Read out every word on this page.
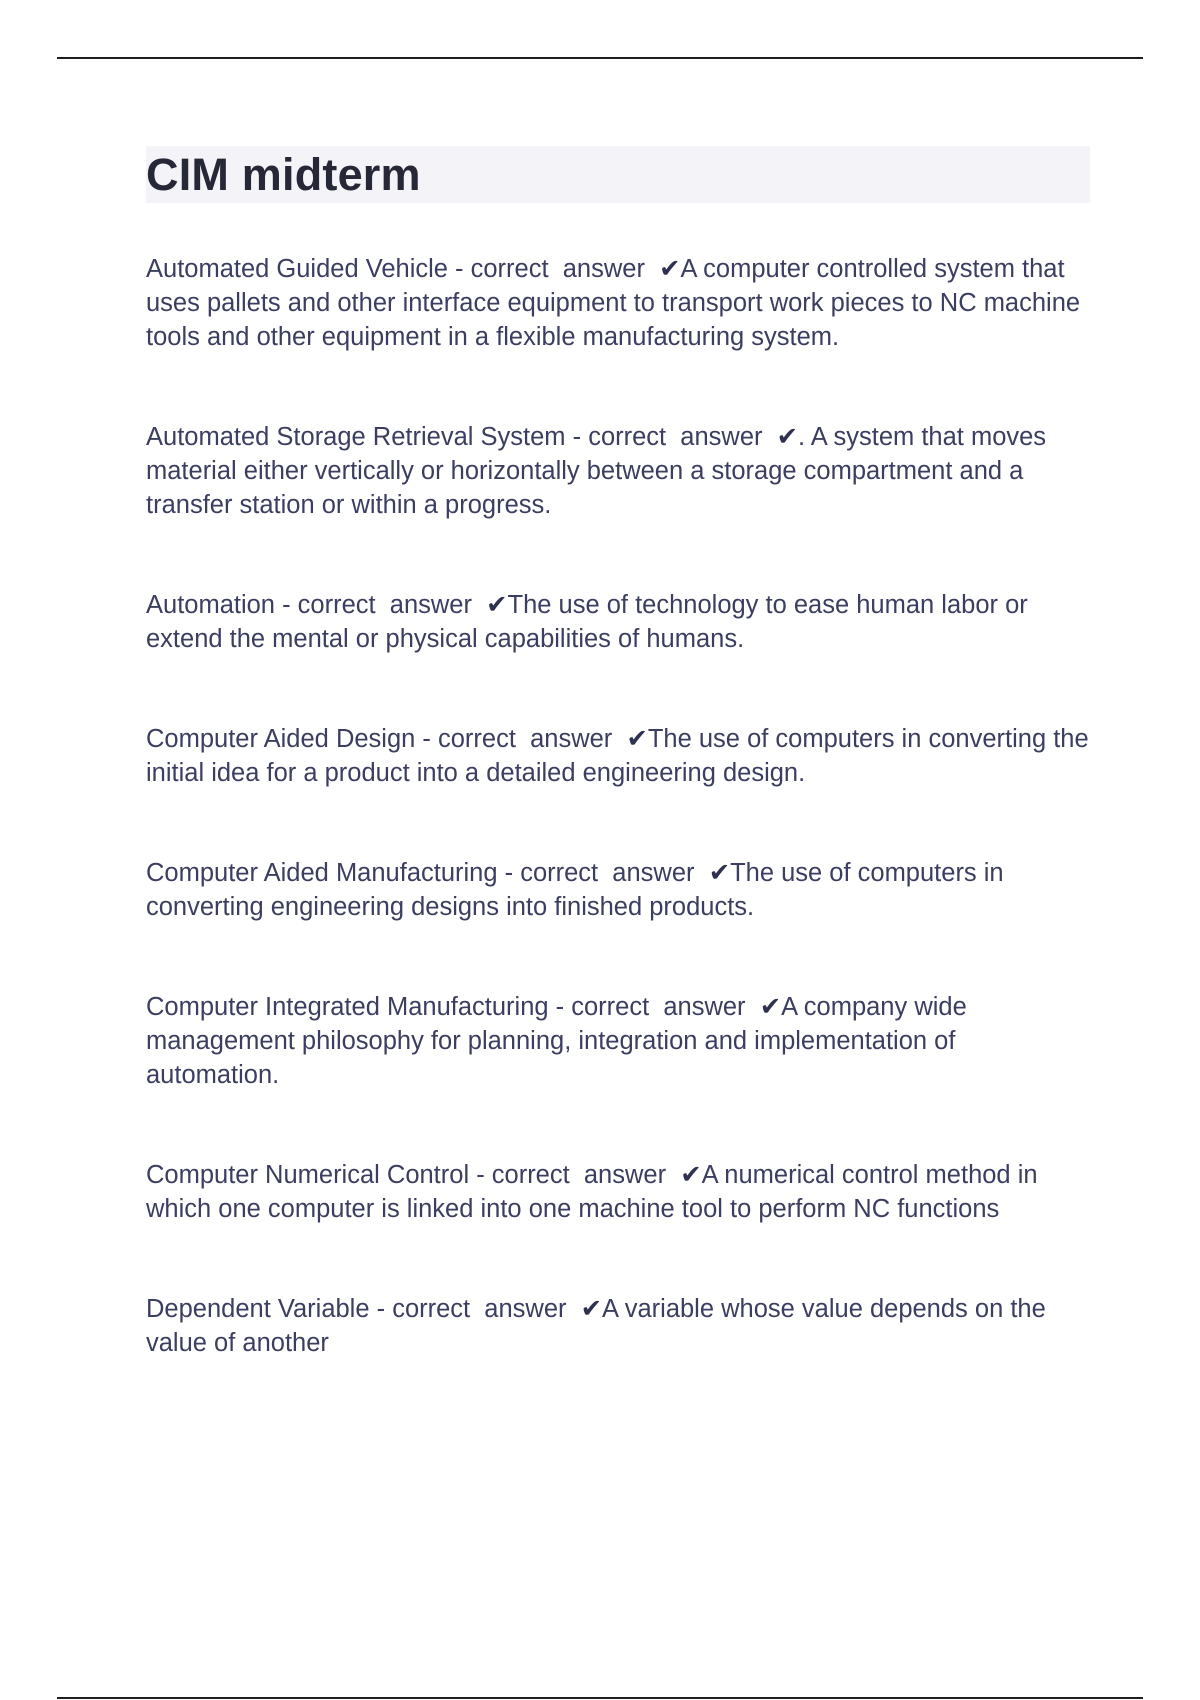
CIM midterm

Automated Guided Vehicle - correct  answer  ✔A computer controlled system that uses pallets and other interface equipment to transport work pieces to NC machine tools and other equipment in a flexible manufacturing system.

Automated Storage Retrieval System - correct  answer  ✔. A system that moves material either vertically or horizontally between a storage compartment and a transfer station or within a progress.

Automation - correct  answer  ✔The use of technology to ease human labor or extend the mental or physical capabilities of humans.

Computer Aided Design - correct  answer  ✔The use of computers in converting the initial idea for a product into a detailed engineering design.

Computer Aided Manufacturing - correct  answer  ✔The use of computers in converting engineering designs into finished products.

Computer Integrated Manufacturing - correct  answer  ✔A company wide management philosophy for planning, integration and implementation of automation.

Computer Numerical Control - correct  answer  ✔A numerical control method in which one computer is linked into one machine tool to perform NC functions

Dependent Variable - correct  answer  ✔A variable whose value depends on the value of another
